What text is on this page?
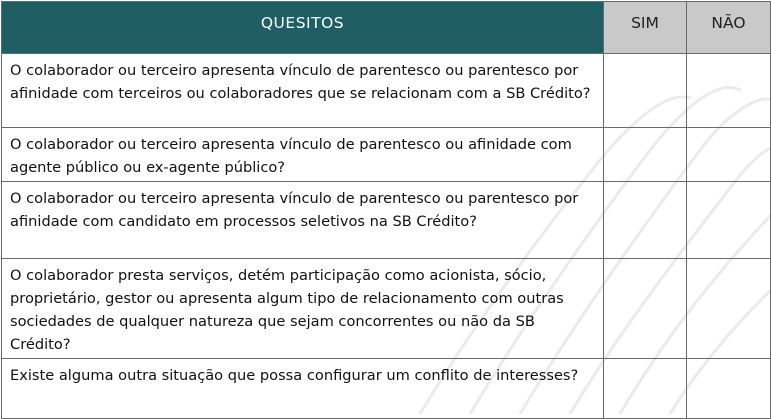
QUESITOS	SIM	NÃO
O colaborador ou terceiro apresenta vínculo de parentesco ou parentesco por afinidade com terceiros ou colaboradores que se relacionam com a SB Crédito?		
O colaborador ou terceiro apresenta vínculo de parentesco ou afinidade com agente público ou ex-agente público?		
O colaborador ou terceiro apresenta vínculo de parentesco ou parentesco por afinidade com candidato em processos seletivos na SB Crédito?		
O colaborador presta serviços, detém participação como acionista, sócio, proprietário, gestor ou apresenta algum tipo de relacionamento com outras sociedades de qualquer natureza que sejam concorrentes ou não da SB Crédito?		
Existe alguma outra situação que possa configurar um conflito de interesses?		
